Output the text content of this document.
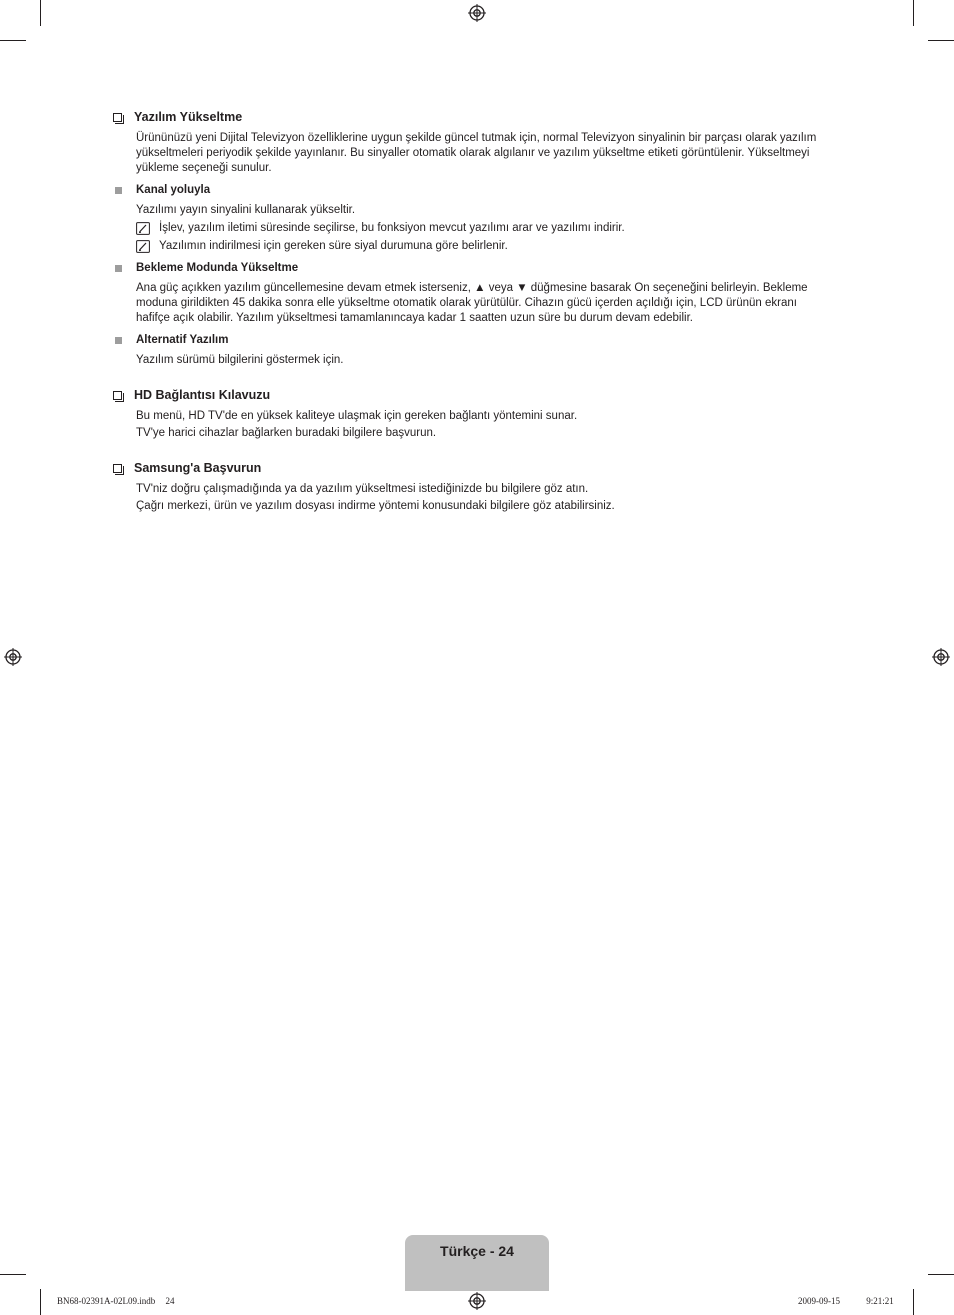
Yazılım Yükseltme

Ürününüzü yeni Dijital Televizyon özelliklerine uygun şekilde güncel tutmak için, normal Televizyon sinyalinin bir parçası olarak yazılım yükseltmeleri periyodik şekilde yayınlanır. Bu sinyaller otomatik olarak algılanır ve yazılım yükseltme etiketi görüntülenir. Yükseltmeyi yükleme seçeneği sunulur.

Kanal yoluyla

Yazılımı yayın sinyalini kullanarak yükseltir.

İşlev, yazılım iletimi süresinde seçilirse, bu fonksiyon mevcut yazılımı arar ve yazılımı indirir.
Yazılımın indirilmesi için gereken süre siyal durumuna göre belirlenir.
Bekleme Modunda Yükseltme

Ana güç açıkken yazılım güncellemesine devam etmek isterseniz, ▲ veya ▼ düğmesine basarak On seçeneğini belirleyin. Bekleme moduna girildikten 45 dakika sonra elle yükseltme otomatik olarak yürütülür. Cihazın gücü içerden açıldığı için, LCD ürünün ekranı hafifçe açık olabilir. Yazılım yükseltmesi tamamlanıncaya kadar 1 saatten uzun süre bu durum devam edebilir.

Alternatif Yazılım

Yazılım sürümü bilgilerini göstermek için.

HD Bağlantısı Kılavuzu

Bu menü, HD TV'de en yüksek kaliteye ulaşmak için gereken bağlantı yöntemini sunar.

TV'ye harici cihazlar bağlarken buradaki bilgilere başvurun.

Samsung'a Başvurun

TV'niz doğru çalışmadığında ya da yazılım yükseltmesi istediğinizde bu bilgilere göz atın.

Çağrı merkezi, ürün ve yazılım dosyası indirme yöntemi konusundaki bilgilere göz atabilirsiniz.

Türkçe - 24
BN68-02391A-02L09.indb 24	2009-09-15	9:21:21
